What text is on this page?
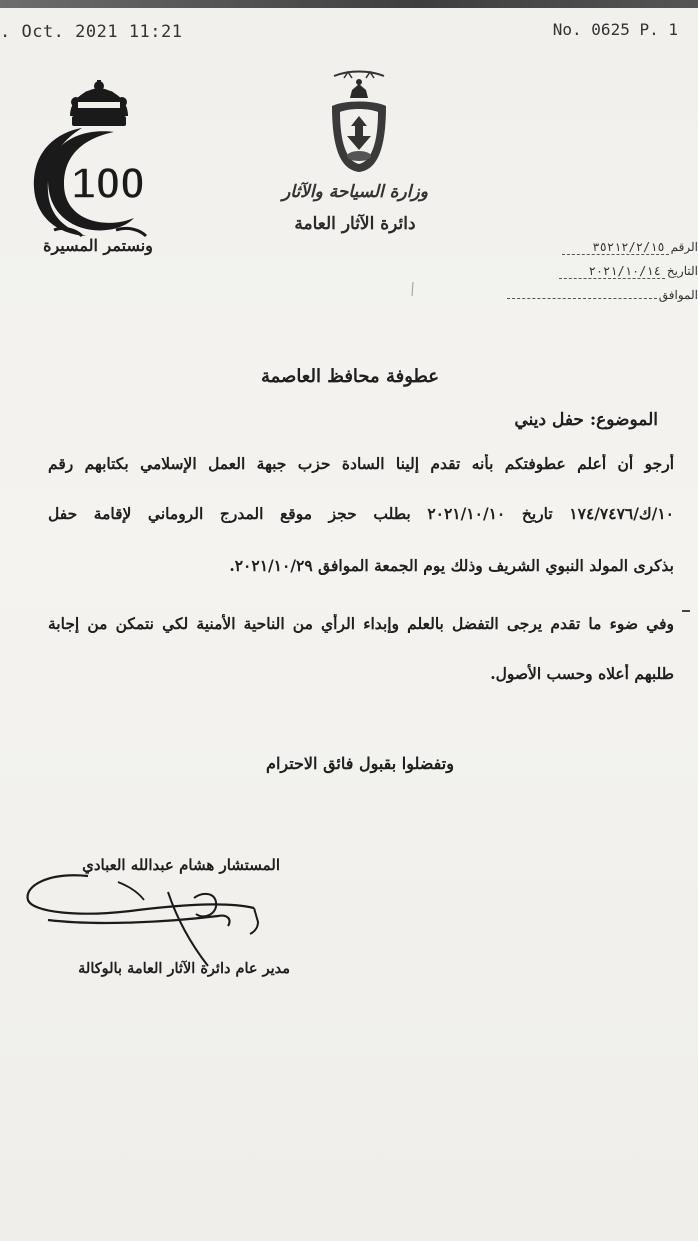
. Oct. 2021 11:21	No. 0625 P. 1
100
ونستمر المسيرة
وزارة السياحة والآثار
دائرة الآثار العامة
الرقم
٣٥٢١٢/٢/١٥
التاريخ
٢٠٢١/١٠/١٤
الموافق
عطوفة محافظ العاصمة
الموضوع: حفل ديني
أرجو أن أعلم عطوفتكم بأنه تقدم إلينا السادة حزب جبهة العمل الإسلامي بكتابهم رقم
١٠/ك/١٧٤/٧٤٧٦ تاريخ ٢٠٢١/١٠/١٠ بطلب حجز موقع المدرج الروماني لإقامة حفل
بذكرى المولد النبوي الشريف وذلك يوم الجمعة الموافق ٢٠٢١/١٠/٢٩.
وفي ضوء ما تقدم يرجى التفضل بالعلم وإبداء الرأي من الناحية الأمنية لكي نتمكن من إجابة
طلبهم أعلاه وحسب الأصول.
وتفضلوا بقبول فائق الاحترام
المستشار هشام عبدالله العبادي
مدير عام دائرة الآثار العامة بالوكالة
